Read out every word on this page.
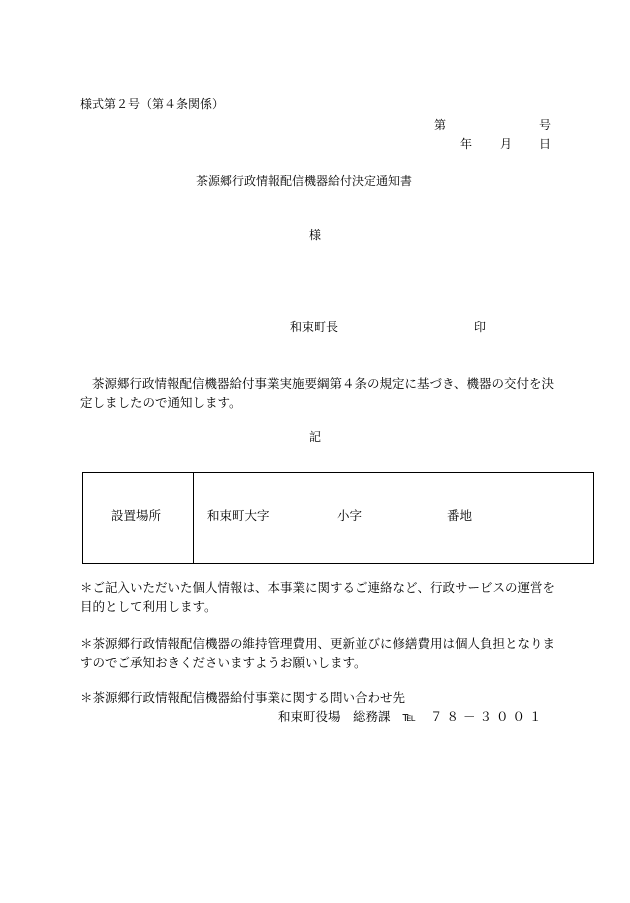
様式第２号（第４条関係）
第	号
年 月 日
茶源郷行政情報配信機器給付決定通知書
様
和束町長	印
茶源郷行政情報配信機器給付事業実施要綱第４条の規定に基づき、機器の交付を決定しましたので通知します。
記
設置場所	和束町大字	小字	番地
＊ご記入いただいた個人情報は、本事業に関するご連絡など、行政サービスの運営を目的として利用します。
＊茶源郷行政情報配信機器の維持管理費用、更新並びに修繕費用は個人負担となりますのでご承知おきくださいますようお願いします。
＊茶源郷行政情報配信機器給付事業に関する問い合わせ先
和束町役場　総務課 ℡ ７８－３００１
